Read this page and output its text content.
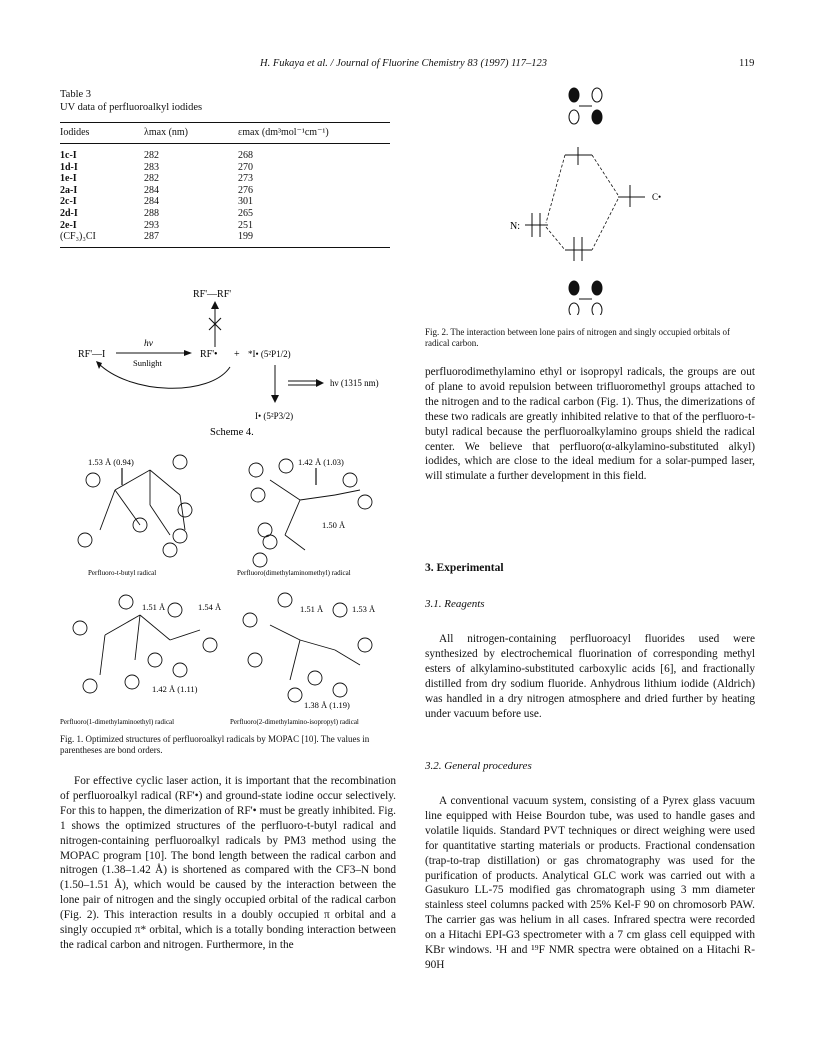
H. Fukaya et al. / Journal of Fluorine Chemistry 83 (1997) 117–123	119
Table 3
UV data of perfluoroalkyl iodides
Iodides	λmax (nm)	εmax (dm³mol⁻¹cm⁻¹)
1c-I	282	268
1d-I	283	270
1e-I	282	273
2a-I	284	276
2c-I	284	301
2d-I	288	265
2e-I	293	251
(CF₃)₃CI	287	199
RF'—RF'
RF'—I
hν
Sunlight
RF'• + *I• (5²P1/2)
hν (1315 nm)
I• (5²P3/2)
Scheme 4.
1.53 Å (0.94)	1.42 Å (1.03)
1.50 Å
Perfluoro-t-butyl radical	Perfluoro(dimethylaminomethyl) radical
1.51 Å	1.54 Å
1.42 Å (1.11)
1.51 Å	1.53 Å
1.38 Å (1.19)
Perfluoro(1-dimethylaminoethyl) radical	Perfluoro(2-dimethylamino-isopropyl) radical
Fig. 1. Optimized structures of perfluoroalkyl radicals by MOPAC [10]. The values in parentheses are bond orders.
N:
C•
Fig. 2. The interaction between lone pairs of nitrogen and singly occupied orbitals of radical carbon.

For effective cyclic laser action, it is important that the recombination of perfluoroalkyl radical (RF'•) and ground-state iodine occur selectively. For this to happen, the dimerization of RF'• must be greatly inhibited. Fig. 1 shows the optimized structures of the perfluoro-t-butyl radical and nitrogen-containing perfluoroalkyl radicals by PM3 method using the MOPAC program [10]. The bond length between the radical carbon and nitrogen (1.38–1.42 Å) is shortened as compared with the CF3–N bond (1.50–1.51 Å), which would be caused by the interaction between the lone pair of nitrogen and the singly occupied orbital of the radical carbon (Fig. 2). This interaction results in a doubly occupied π orbital and a singly occupied π* orbital, which is a totally bonding interaction between the radical carbon and nitrogen. Furthermore, in the

perfluorodimethylamino ethyl or isopropyl radicals, the groups are out of plane to avoid repulsion between trifluoromethyl groups attached to the nitrogen and to the radical carbon (Fig. 1). Thus, the dimerizations of these two radicals are greatly inhibited relative to that of the perfluoro-t-butyl radical because the perfluoroalkylamino groups shield the radical center. We believe that perfluoro(α-alkylamino-substituted alkyl) iodides, which are close to the ideal medium for a solar-pumped laser, will stimulate a further development in this field.

3. Experimental
3.1. Reagents

All nitrogen-containing perfluoroacyl fluorides used were synthesized by electrochemical fluorination of corresponding methyl esters of alkylamino-substituted carboxylic acids [6], and fractionally distilled from dry sodium fluoride. Anhydrous lithium iodide (Aldrich) was handled in a dry nitrogen atmosphere and dried further by heating under vacuum before use.

3.2. General procedures

A conventional vacuum system, consisting of a Pyrex glass vacuum line equipped with Heise Bourdon tube, was used to handle gases and volatile liquids. Standard PVT techniques or direct weighing were used for quantitative starting materials or products. Fractional condensation (trap-to-trap distillation) or gas chromatography was used for the purification of products. Analytical GLC work was carried out with a Gasukuro LL-75 modified gas chromatograph using 3 mm diameter stainless steel columns packed with 25% Kel-F 90 on chromosorb PAW. The carrier gas was helium in all cases. Infrared spectra were recorded on a Hitachi EPI-G3 spectrometer with a 7 cm glass cell equipped with KBr windows. ¹H and ¹⁹F NMR spectra were obtained on a Hitachi R-90H
